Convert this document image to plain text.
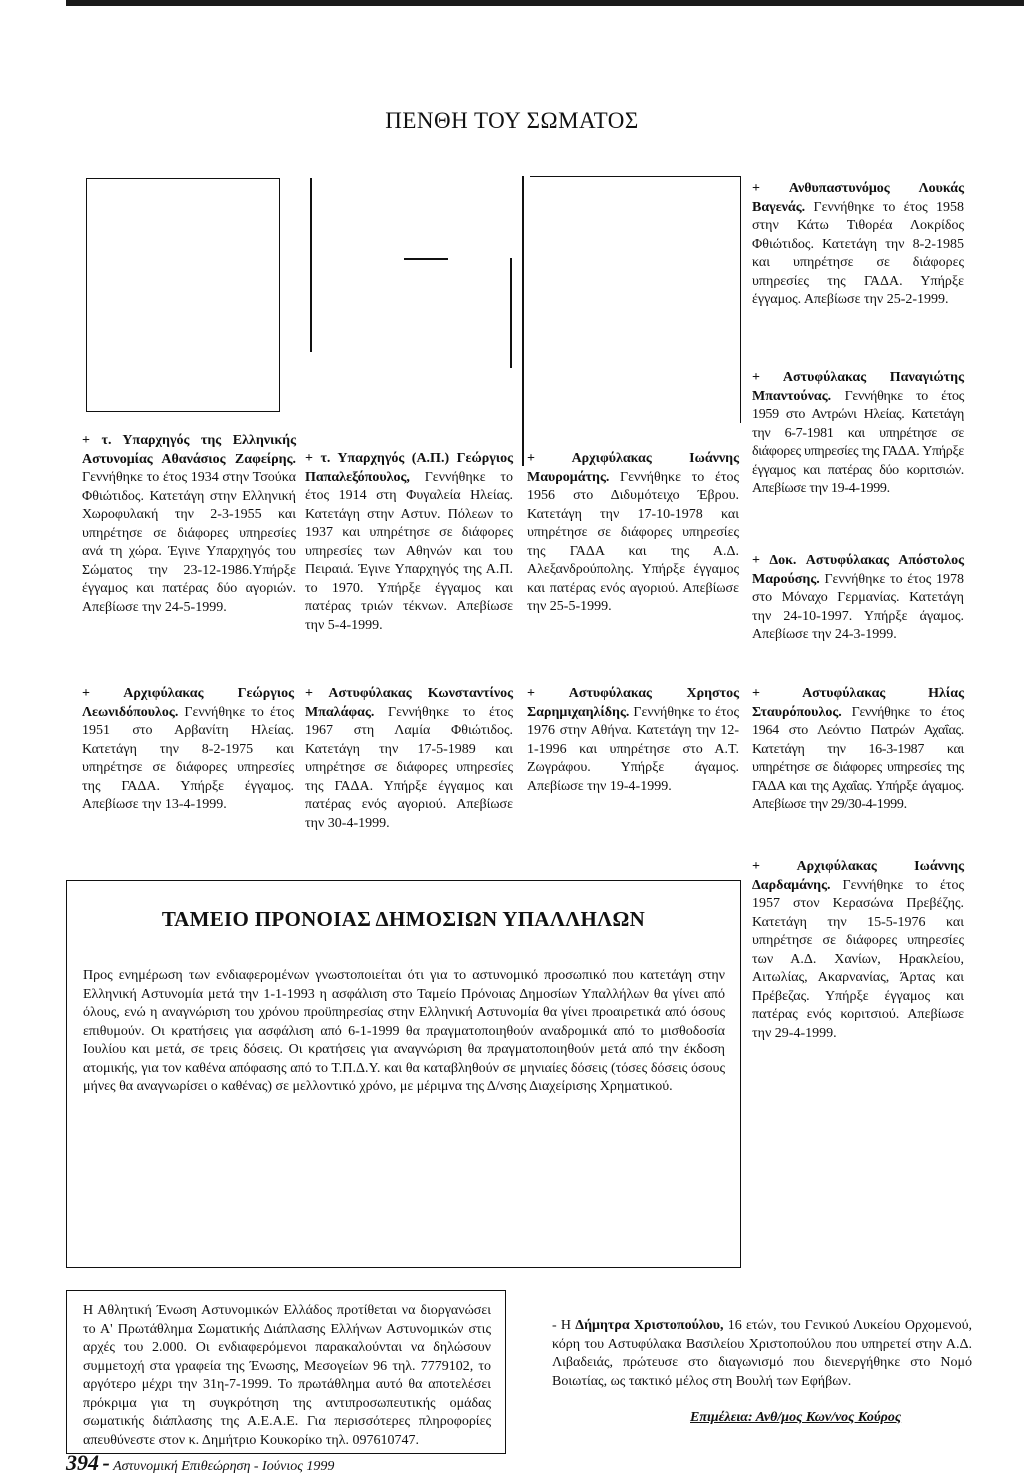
ΠΕΝΘΗ ΤΟΥ ΣΩΜΑΤΟΣ
+ Ανθυπαστυνόμος Λουκάς Βαγενάς. Γεννήθηκε το έτος 1958 στην Κάτω Τιθορέα Λοκρίδος Φθιώτιδος. Κατετάγη την 8-2-1985 και υπηρέτησε σε διάφορες υπηρεσίες της ΓΑΔΑ. Υπήρξε έγγαμος. Απεβίωσε την 25-2-1999.
+ Αστυφύλακας Παναγιώτης Μπαντούνας. Γεννήθηκε το έτος 1959 στο Αντρώνι Ηλείας. Κατετάγη την 6-7-1981 και υπηρέτησε σε διάφορες υπηρεσίες της ΓΑΔΑ. Υπήρξε έγγαμος και πατέρας δύο κοριτσιών. Απεβίωσε την 19-4-1999.
+ τ. Υπαρχηγός της Ελληνικής Αστυνομίας Αθανάσιος Ζαφείρης. Γεννήθηκε το έτος 1934 στην Τσούκα Φθιώτιδος. Κατετάγη στην Ελληνική Χωροφυλακή την 2-3-1955 και υπηρέτησε σε διάφορες υπηρεσίες ανά τη χώρα. Έγινε Υπαρχηγός του Σώματος την 23-12-1986.Υπήρξε έγγαμος και πατέρας δύο αγοριών. Απεβίωσε την 24-5-1999.
+ τ. Υπαρχηγός (Α.Π.) Γεώργιος Παπαλεξόπουλος, Γεννήθηκε το έτος 1914 στη Φυγαλεία Ηλείας. Κατετάγη στην Αστυν. Πόλεων το 1937 και υπηρέτησε σε διάφορες υπηρεσίες των Αθηνών και του Πειραιά. Έγινε Υπαρχηγός της Α.Π. το 1970. Υπήρξε έγγαμος και πατέρας τριών τέκνων. Απεβίωσε την 5-4-1999.
+ Αρχιφύλακας Ιωάννης Μαυρομάτης. Γεννήθηκε το έτος 1956 στο Διδυμότειχο Έβρου. Κατετάγη την 17-10-1978 και υπηρέτησε σε διάφορες υπηρεσίες της ΓΑΔΑ και της Α.Δ. Αλεξανδρούπολης. Υπήρξε έγγαμος και πατέρας ενός αγοριού. Απεβίωσε την 25-5-1999.
+ Δοκ. Αστυφύλακας Απόστολος Μαρούσης. Γεννήθηκε το έτος 1978 στο Μόναχο Γερμανίας. Κατετάγη την 24-10-1997. Υπήρξε άγαμος. Απεβίωσε την 24-3-1999.
+ Αρχιφύλακας Γεώργιος Λεωνιδόπουλος. Γεννήθηκε το έτος 1951 στο Αρβανίτη Ηλείας. Κατετάγη την 8-2-1975 και υπηρέτησε σε διάφορες υπηρεσίες της ΓΑΔΑ. Υπήρξε έγγαμος. Απεβίωσε την 13-4-1999.
+ Αστυφύλακας Κωνσταντίνος Μπαλάφας. Γεννήθηκε το έτος 1967 στη Λαμία Φθιώτιδος. Κατετάγη την 17-5-1989 και υπηρέτησε σε διάφορες υπηρεσίες της ΓΑΔΑ. Υπήρξε έγγαμος και πατέρας ενός αγοριού. Απεβίωσε την 30-4-1999.
+ Αστυφύλακας Χρηστος Σαρημιχαηλίδης. Γεννήθηκε το έτος 1976 στην Αθήνα. Κατετάγη την 12-1-1996 και υπηρέτησε στο Α.Τ. Ζωγράφου. Υπήρξε άγαμος. Απεβίωσε την 19-4-1999.
+ Αστυφύλακας Ηλίας Σταυρόπουλος. Γεννήθηκε το έτος 1964 στο Λεόντιο Πατρών Αχαΐας. Κατετάγη την 16-3-1987 και υπηρέτησε σε διάφορες υπηρεσίες της ΓΑΔΑ και της Αχαΐας. Υπήρξε άγαμος. Απεβίωσε την 29/30-4-1999.
+ Αρχιφύλακας Ιωάννης Δαρδαμάνης. Γεννήθηκε το έτος 1957 στον Κερασώνα Πρεβέζης. Κατετάγη την 15-5-1976 και υπηρέτησε σε διάφορες υπηρεσίες των Α.Δ. Χανίων, Ηρακλείου, Αιτωλίας, Ακαρνανίας, Άρτας και Πρέβεζας. Υπήρξε έγγαμος και πατέρας ενός κοριτσιού. Απεβίωσε την 29-4-1999.
ΤΑΜΕΙΟ ΠΡΟΝΟΙΑΣ ΔΗΜΟΣΙΩΝ ΥΠΑΛΛΗΛΩΝ
Προς ενημέρωση των ενδιαφερομένων γνωστοποιείται ότι για το αστυνομικό προσωπικό που κατετάγη στην Ελληνική Αστυνομία μετά την 1-1-1993 η ασφάλιση στο Ταμείο Πρόνοιας Δημοσίων Υπαλλήλων θα γίνει από όλους, ενώ η αναγνώριση του χρόνου προϋπηρεσίας στην Ελληνική Αστυνομία θα γίνει προαιρετικά από όσους επιθυμούν. Οι κρατήσεις για ασφάλιση από 6-1-1999 θα πραγματοποιηθούν αναδρομικά από το μισθοδοσία Ιουλίου και μετά, σε τρεις δόσεις. Οι κρατήσεις για αναγνώριση θα πραγματοποιηθούν μετά από την έκδοση ατομικής, για τον καθένα απόφασης από το Τ.Π.Δ.Υ. και θα καταβληθούν σε μηνιαίες δόσεις (τόσες δόσεις όσους μήνες θα αναγνωρίσει ο καθένας) σε μελλοντικό χρόνο, με μέριμνα της Δ/νσης Διαχείρισης Χρηματικού.
Η Αθλητική Ένωση Αστυνομικών Ελλάδος προτίθεται να διοργανώσει το Α' Πρωτάθλημα Σωματικής Διάπλασης Ελλήνων Αστυνομικών στις αρχές του 2.000. Οι ενδιαφερόμενοι παρακαλούνται να δηλώσουν συμμετοχή στα γραφεία της Ένωσης, Μεσογείων 96 τηλ. 7779102, το αργότερο μέχρι την 31η-7-1999. Το πρωτάθλημα αυτό θα αποτελέσει πρόκριμα για τη συγκρότηση της αντιπροσωπευτικής ομάδας σωματικής διάπλασης της Α.Ε.Α.Ε. Για περισσότερες πληροφορίες απευθύνεστε στον κ. Δημήτριο Κουκορίκο τηλ. 097610747.
- Η Δήμητρα Χριστοπούλου, 16 ετών, του Γενικού Λυκείου Ορχομενού, κόρη του Αστυφύλακα Βασιλείου Χριστοπούλου που υπηρετεί στην Α.Δ. Λιβαδειάς, πρώτευσε στο διαγωνισμό που διενεργήθηκε στο Νομό Βοιωτίας, ως τακτικό μέλος στη Βουλή των Εφήβων.
Επιμέλεια: Ανθ/μος Κων/νος Κούρος
394 - Αστυνομική Επιθεώρηση - Ιούνιος 1999
